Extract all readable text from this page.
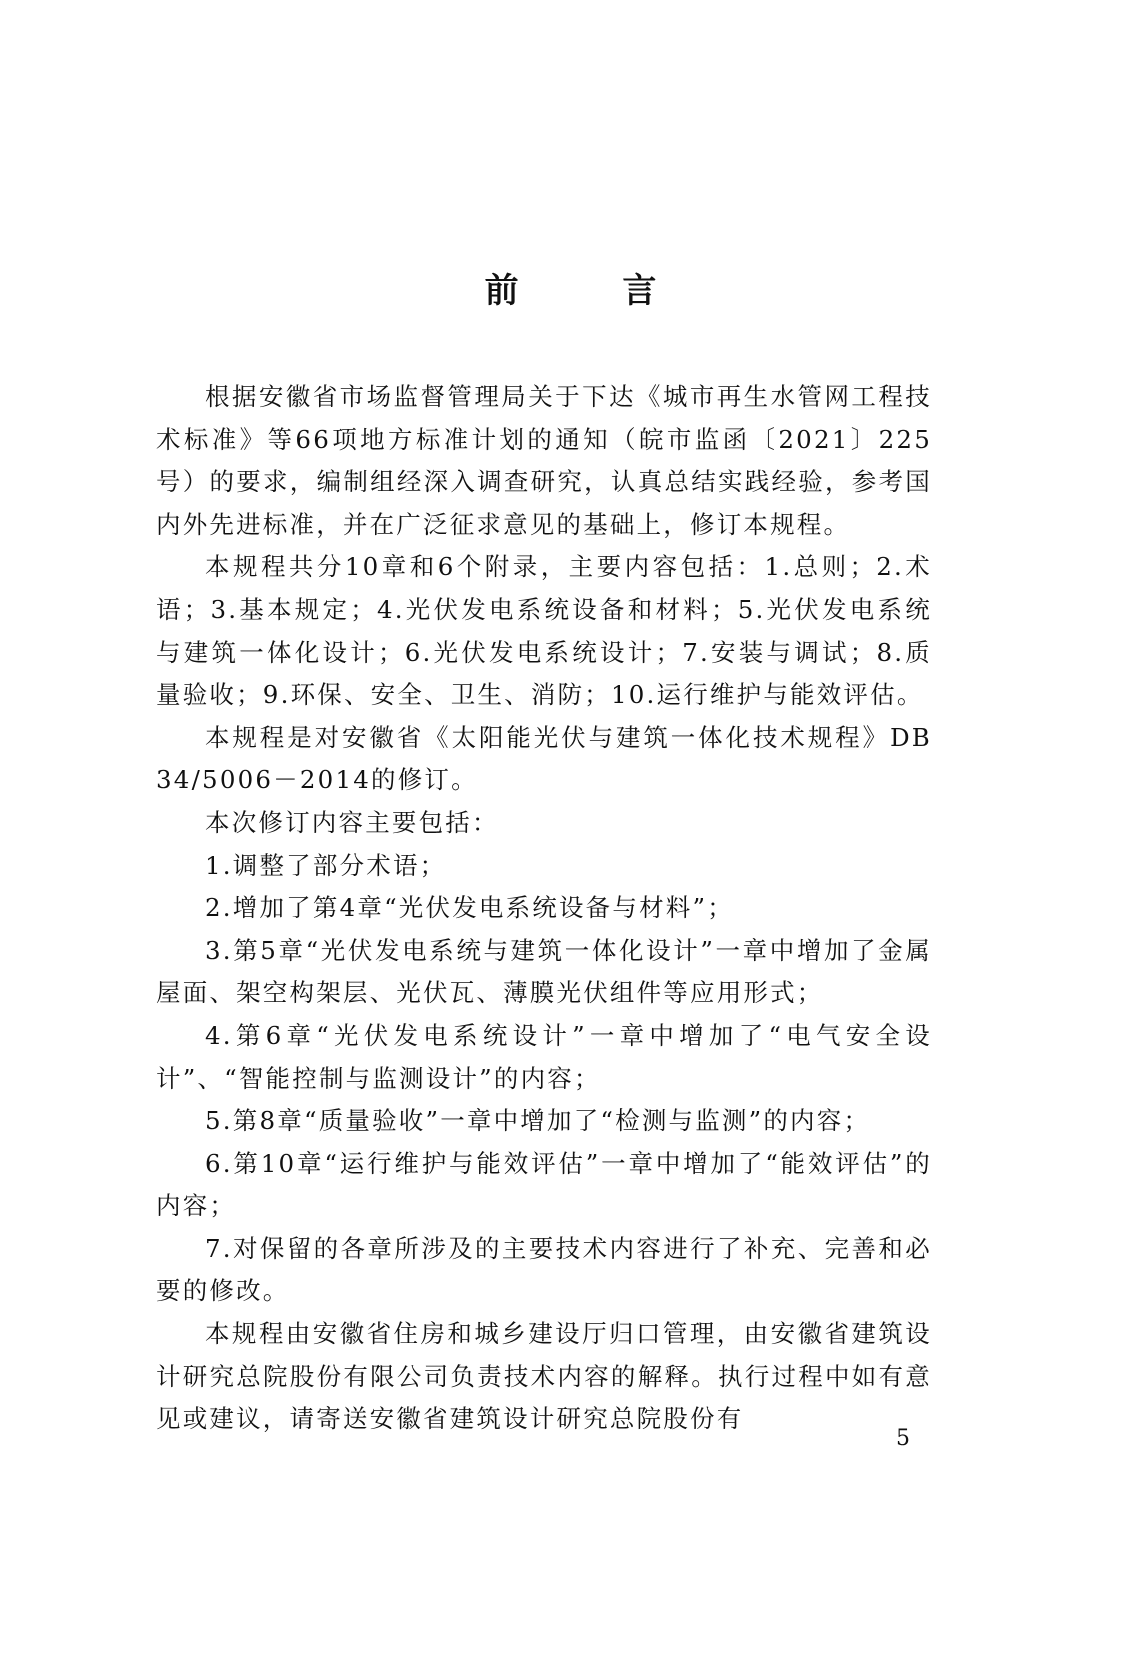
前 言

根据安徽省市场监督管理局关于下达《城市再生水管网工程技术标准》等66项地方标准计划的通知（皖市监函〔2021〕225号）的要求，编制组经深入调查研究，认真总结实践经验，参考国内外先进标准，并在广泛征求意见的基础上，修订本规程。

本规程共分10章和6个附录，主要内容包括：1.总则；2.术语；3.基本规定；4.光伏发电系统设备和材料；5.光伏发电系统与建筑一体化设计；6.光伏发电系统设计；7.安装与调试；8.质量验收；9.环保、安全、卫生、消防；10.运行维护与能效评估。

本规程是对安徽省《太阳能光伏与建筑一体化技术规程》DB34/5006－2014的修订。

本次修订内容主要包括：

1.调整了部分术语；

2.增加了第4章“光伏发电系统设备与材料”；

3.第5章“光伏发电系统与建筑一体化设计”一章中增加了金属屋面、架空构架层、光伏瓦、薄膜光伏组件等应用形式；

4.第6章“光伏发电系统设计”一章中增加了“电气安全设计”、“智能控制与监测设计”的内容；

5.第8章“质量验收”一章中增加了“检测与监测”的内容；

6.第10章“运行维护与能效评估”一章中增加了“能效评估”的内容；

7.对保留的各章所涉及的主要技术内容进行了补充、完善和必要的修改。

本规程由安徽省住房和城乡建设厅归口管理，由安徽省建筑设计研究总院股份有限公司负责技术内容的解释。执行过程中如有意见或建议，请寄送安徽省建筑设计研究总院股份有

5
